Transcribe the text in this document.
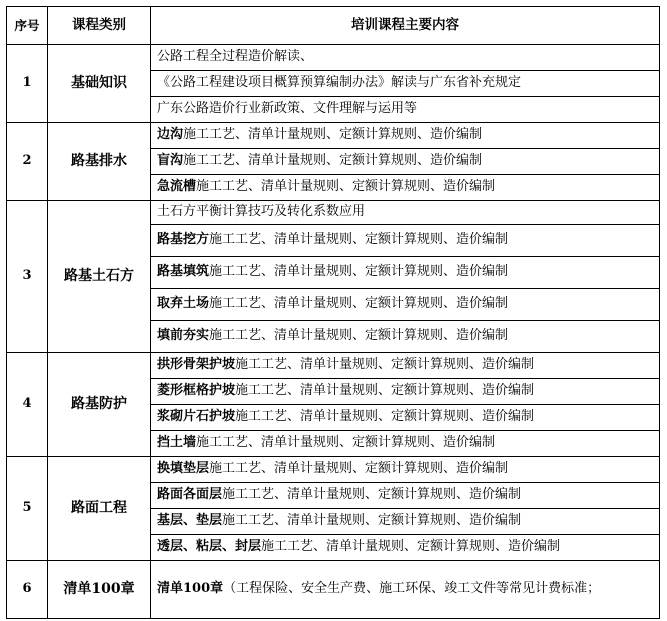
序号	课程类别	培训课程主要内容
1	基础知识	公路工程全过程造价解读、
		《公路工程建设项目概算预算编制办法》解读与广东省补充规定
		广东公路造价行业新政策、文件理解与运用等
2	路基排水	边沟施工工艺、清单计量规则、定额计算规则、造价编制
		盲沟施工工艺、清单计量规则、定额计算规则、造价编制
		急流槽施工工艺、清单计量规则、定额计算规则、造价编制
3	路基土石方	土石方平衡计算技巧及转化系数应用
		路基挖方施工工艺、清单计量规则、定额计算规则、造价编制
		路基填筑施工工艺、清单计量规则、定额计算规则、造价编制
		取弃土场施工工艺、清单计量规则、定额计算规则、造价编制
		填前夯实施工工艺、清单计量规则、定额计算规则、造价编制
4	路基防护	拱形骨架护坡施工工艺、清单计量规则、定额计算规则、造价编制
		菱形框格护坡施工工艺、清单计量规则、定额计算规则、造价编制
		浆砌片石护坡施工工艺、清单计量规则、定额计算规则、造价编制
		挡土墙施工工艺、清单计量规则、定额计算规则、造价编制
5	路面工程	换填垫层施工工艺、清单计量规则、定额计算规则、造价编制
		路面各面层施工工艺、清单计量规则、定额计算规则、造价编制
		基层、垫层施工工艺、清单计量规则、定额计算规则、造价编制
		透层、粘层、封层施工工艺、清单计量规则、定额计算规则、造价编制
6	清单100章	清单100章（工程保险、安全生产费、施工环保、竣工文件等常见计费标准；
